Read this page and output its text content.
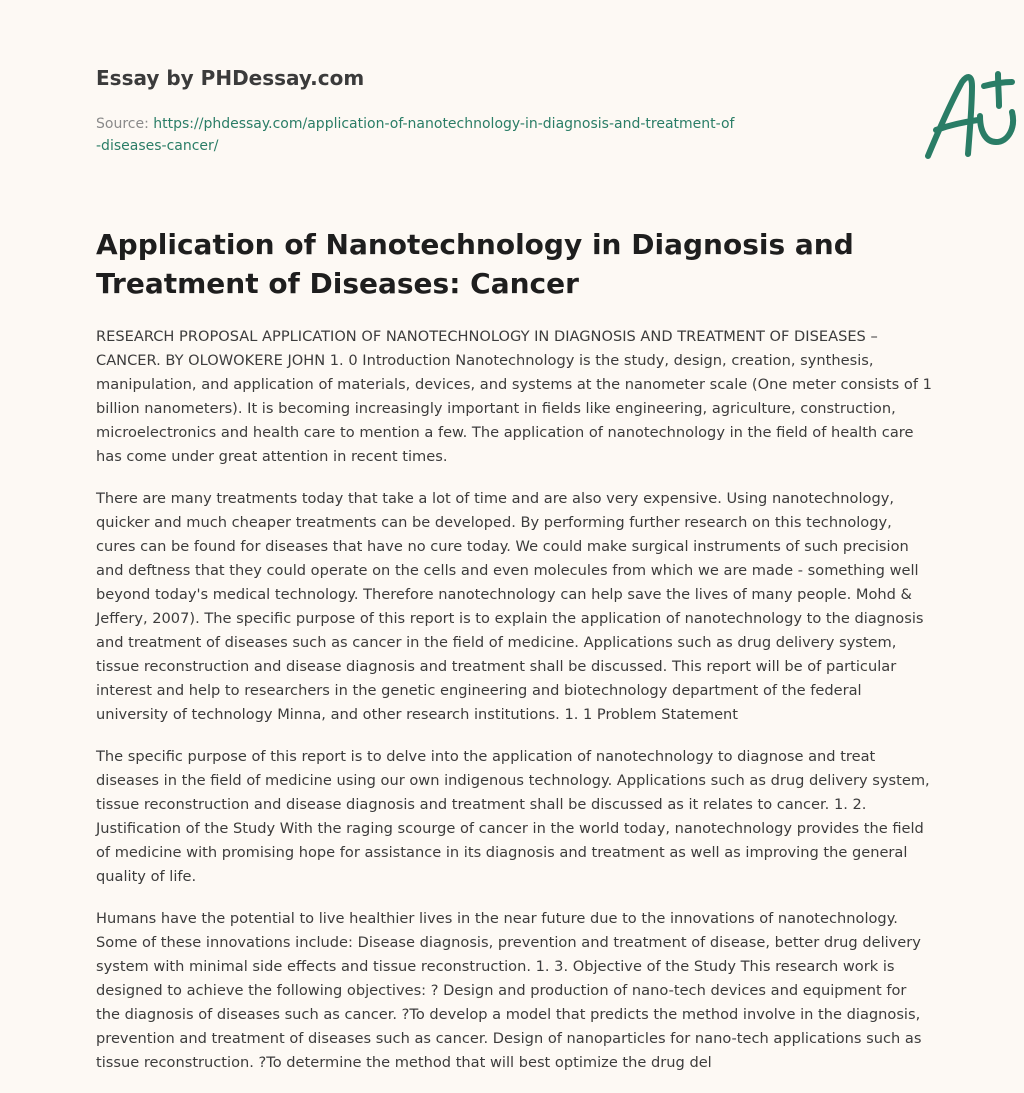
Essay by PHDessay.com
Source: https://phdessay.com/application-of-nanotechnology-in-diagnosis-and-treatment-of-diseases-cancer/
Application of Nanotechnology in Diagnosis and Treatment of Diseases: Cancer

RESEARCH PROPOSAL APPLICATION OF NANOTECHNOLOGY IN DIAGNOSIS AND TREATMENT OF DISEASES – CANCER. BY OLOWOKERE JOHN 1. 0 Introduction Nanotechnology is the study, design, creation, synthesis, manipulation, and application of materials, devices, and systems at the nanometer scale (One meter consists of 1 billion nanometers). It is becoming increasingly important in fields like engineering, agriculture, construction, microelectronics and health care to mention a few. The application of nanotechnology in the field of health care has come under great attention in recent times.

There are many treatments today that take a lot of time and are also very expensive. Using nanotechnology, quicker and much cheaper treatments can be developed. By performing further research on this technology, cures can be found for diseases that have no cure today. We could make surgical instruments of such precision and deftness that they could operate on the cells and even molecules from which we are made - something well beyond today's medical technology. Therefore nanotechnology can help save the lives of many people. Mohd & Jeffery, 2007). The specific purpose of this report is to explain the application of nanotechnology to the diagnosis and treatment of diseases such as cancer in the field of medicine. Applications such as drug delivery system, tissue reconstruction and disease diagnosis and treatment shall be discussed. This report will be of particular interest and help to researchers in the genetic engineering and biotechnology department of the federal university of technology Minna, and other research institutions. 1. 1 Problem Statement

The specific purpose of this report is to delve into the application of nanotechnology to diagnose and treat diseases in the field of medicine using our own indigenous technology. Applications such as drug delivery system, tissue reconstruction and disease diagnosis and treatment shall be discussed as it relates to cancer. 1. 2. Justification of the Study With the raging scourge of cancer in the world today, nanotechnology provides the field of medicine with promising hope for assistance in its diagnosis and treatment as well as improving the general quality of life.

Humans have the potential to live healthier lives in the near future due to the innovations of nanotechnology. Some of these innovations include: Disease diagnosis, prevention and treatment of disease, better drug delivery system with minimal side effects and tissue reconstruction. 1. 3. Objective of the Study This research work is designed to achieve the following objectives: ? Design and production of nano-tech devices and equipment for the diagnosis of diseases such as cancer. ?To develop a model that predicts the method involve in the diagnosis, prevention and treatment of diseases such as cancer. Design of nanoparticles for nano-tech applications such as tissue reconstruction. ?To determine the method that will best optimize the drug del
